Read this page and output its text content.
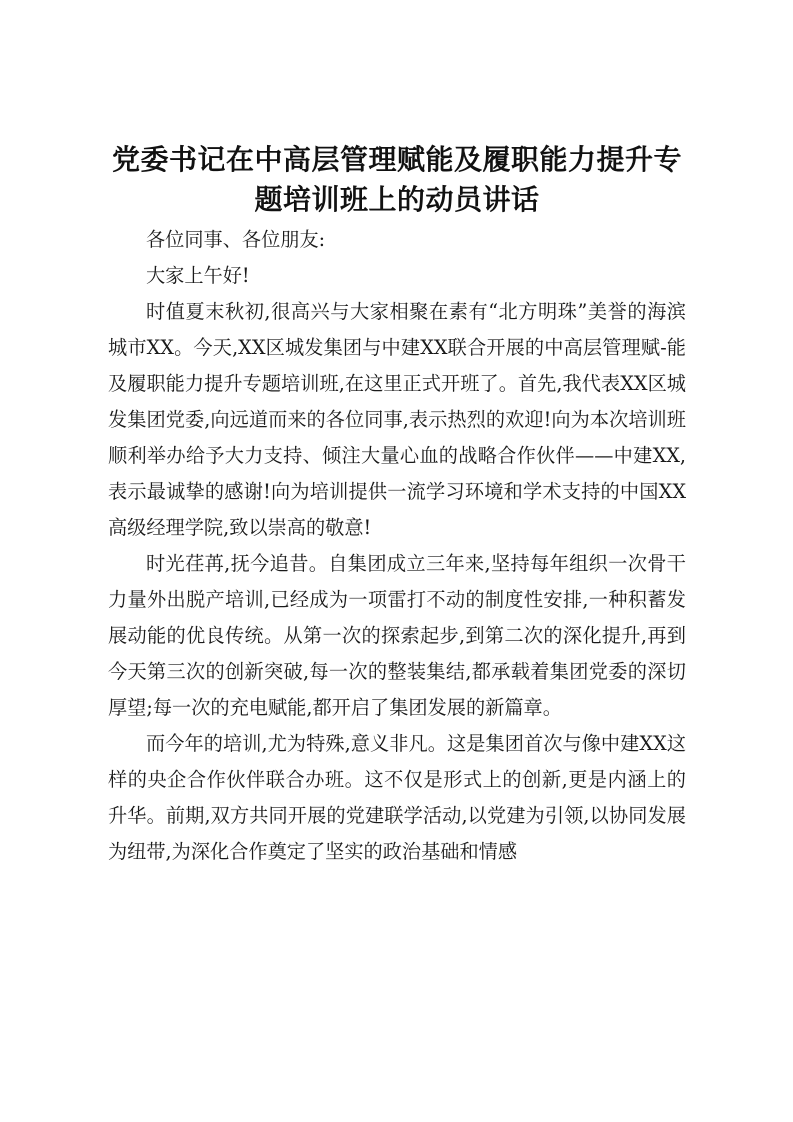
党委书记在中高层管理赋能及履职能力提升专题培训班上的动员讲话

各位同事、各位朋友:

大家上午好!

时值夏末秋初,很高兴与大家相聚在素有“北方明珠”美誉的海滨城市XX。今天,XX区城发集团与中建XX联合开展的中高层管理赋-能及履职能力提升专题培训班,在这里正式开班了。首先,我代表XX区城发集团党委,向远道而来的各位同事,表示热烈的欢迎!向为本次培训班顺利举办给予大力支持、倾注大量心血的战略合作伙伴——中建XX,表示最诚挚的感谢!向为培训提供一流学习环境和学术支持的中国XX高级经理学院,致以崇高的敬意!

时光荏苒,抚今追昔。自集团成立三年来,坚持每年组织一次骨干力量外出脱产培训,已经成为一项雷打不动的制度性安排,一种积蓄发展动能的优良传统。从第一次的探索起步,到第二次的深化提升,再到今天第三次的创新突破,每一次的整装集结,都承载着集团党委的深切厚望;每一次的充电赋能,都开启了集团发展的新篇章。

而今年的培训,尤为特殊,意义非凡。这是集团首次与像中建XX这样的央企合作伙伴联合办班。这不仅是形式上的创新,更是内涵上的升华。前期,双方共同开展的党建联学活动,以党建为引领,以协同发展为纽带,为深化合作奠定了坚实的政治基础和情感
